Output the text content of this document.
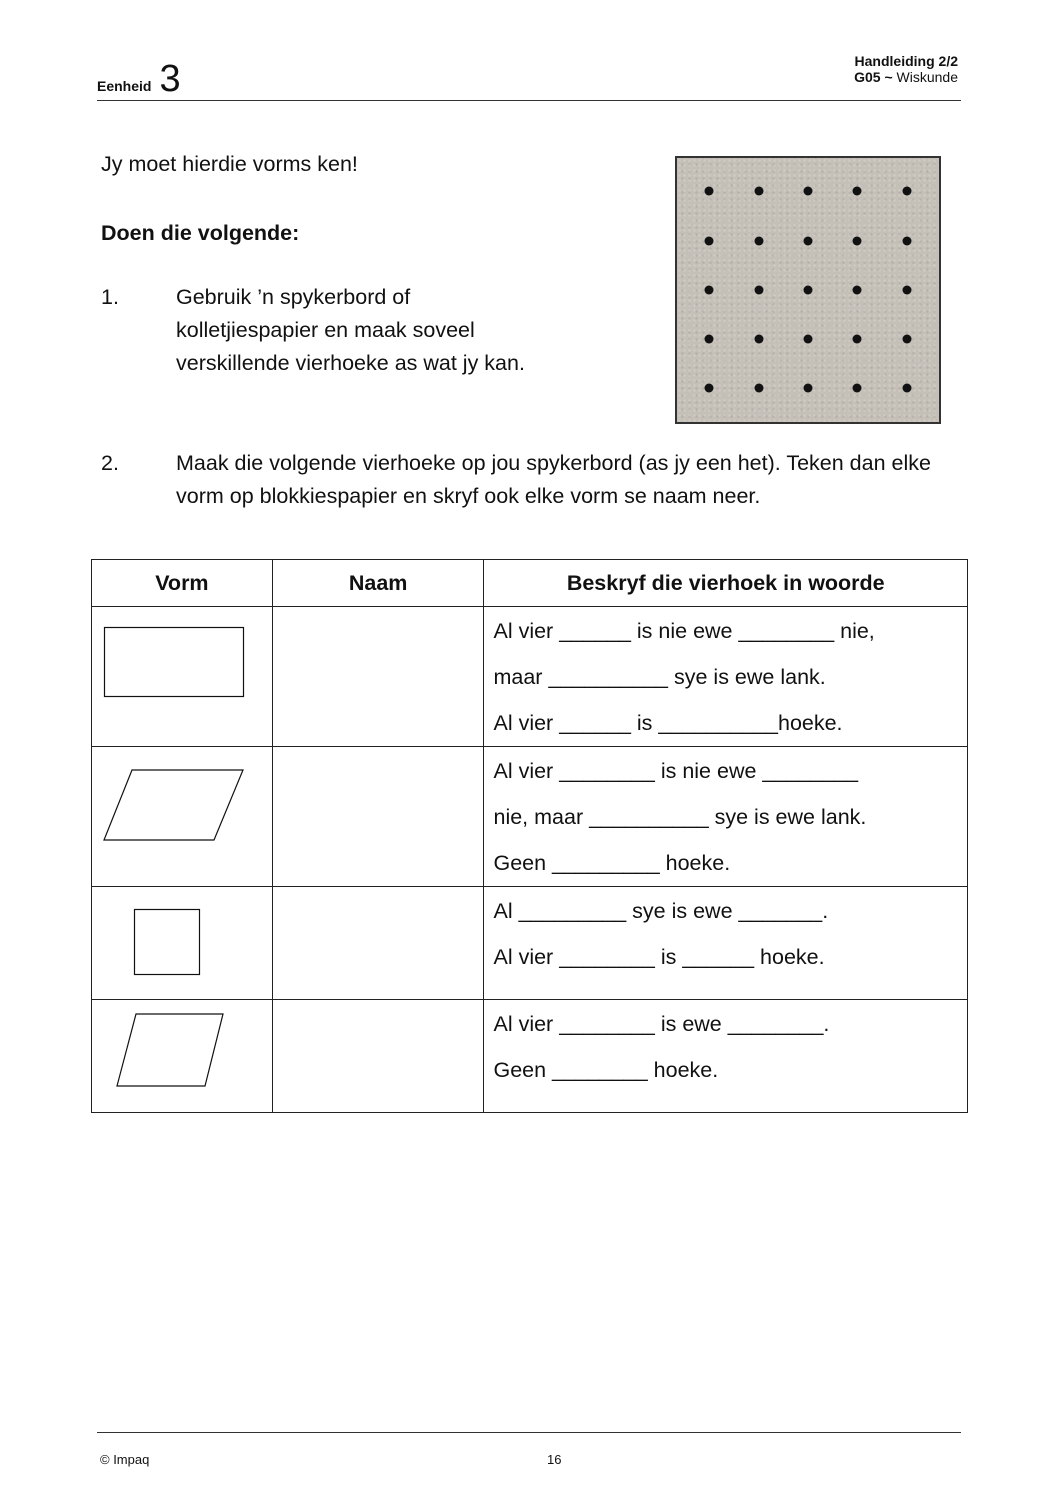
Eenheid 3	Handleiding 2/2
G05 ~ Wiskunde
Jy moet hierdie vorms ken!
Doen die volgende:
1.	Gebruik ’n spykerbord of kolletjiespapier en maak soveel verskillende vierhoeke as wat jy kan.
2.	Maak die volgende vierhoeke op jou spykerbord (as jy een het). Teken dan elke vorm op blokkiespapier en skryf ook elke vorm se naam neer.
Vorm	Naam	Beskryf die vierhoek in woorde

Al vier ______ is nie ewe ________ nie,
maar __________ sye is ewe lank.
Al vier ______ is __________hoeke.

Al vier ________ is nie ewe ________
nie, maar __________ sye is ewe lank.
Geen _________ hoeke.

Al _________ sye is ewe _______.
Al vier ________ is ______ hoeke.

Al vier ________ is ewe ________.
Geen ________ hoeke.
© Impaq	16
